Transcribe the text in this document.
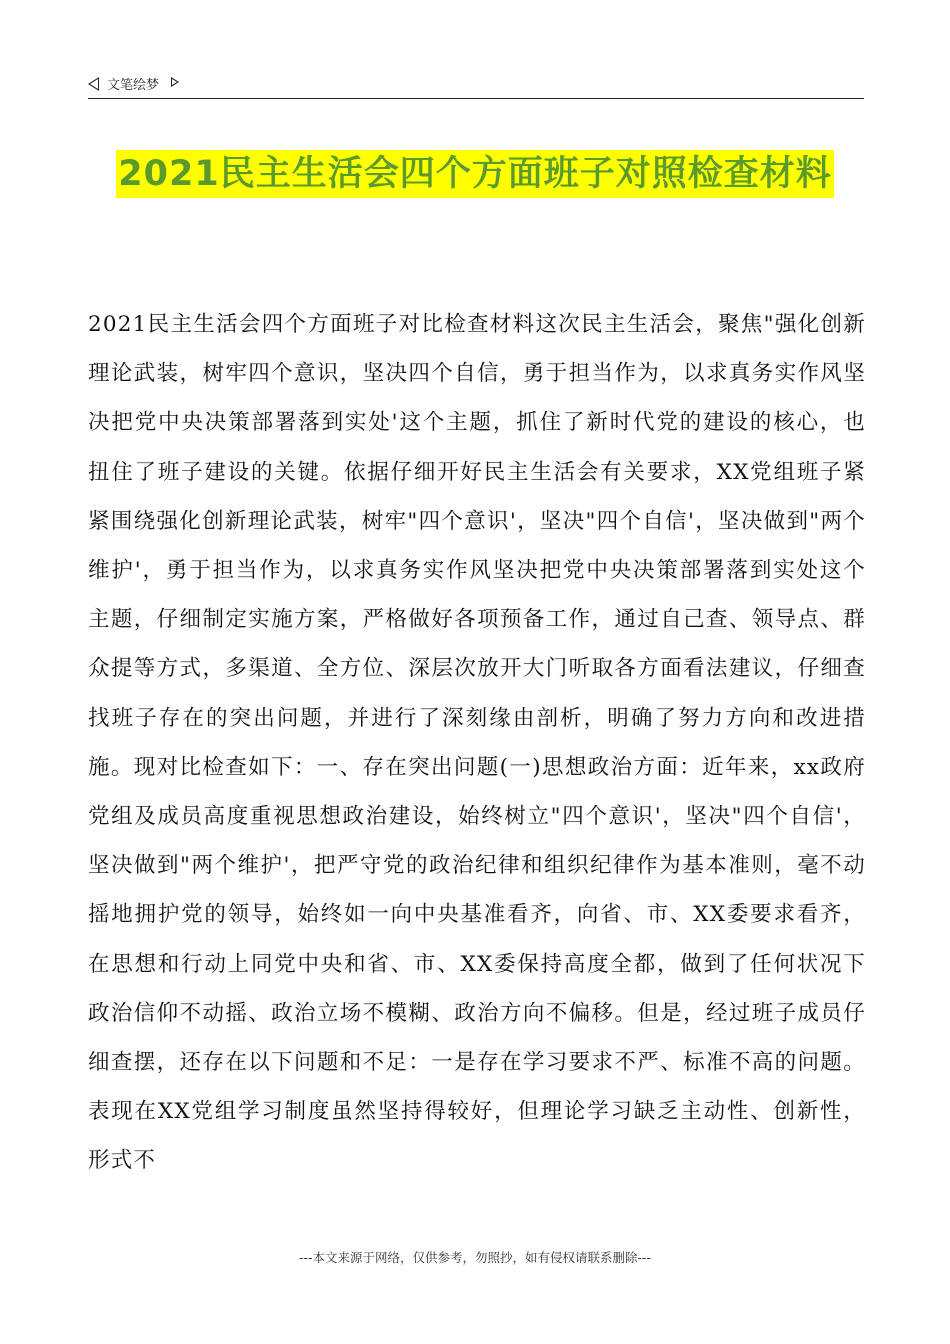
文笔绘梦
2021民主生活会四个方面班子对照检查材料
2021民主生活会四个方面班子对比检查材料这次民主生活会，聚焦"强化创新理论武装，树牢四个意识，坚决四个自信，勇于担当作为，以求真务实作风坚决把党中央决策部署落到实处'这个主题，抓住了新时代党的建设的核心，也扭住了班子建设的关键。依据仔细开好民主生活会有关要求，XX党组班子紧紧围绕强化创新理论武装，树牢"四个意识'，坚决"四个自信'，坚决做到"两个维护'，勇于担当作为，以求真务实作风坚决把党中央决策部署落到实处这个主题，仔细制定实施方案，严格做好各项预备工作，通过自己查、领导点、群众提等方式，多渠道、全方位、深层次放开大门听取各方面看法建议，仔细查找班子存在的突出问题，并进行了深刻缘由剖析，明确了努力方向和改进措施。现对比检查如下：一、存在突出问题(一)思想政治方面：近年来，xx政府党组及成员高度重视思想政治建设，始终树立"四个意识'，坚决"四个自信'，坚决做到"两个维护'，把严守党的政治纪律和组织纪律作为基本准则，毫不动摇地拥护党的领导，始终如一向中央基准看齐，向省、市、XX委要求看齐，在思想和行动上同党中央和省、市、XX委保持高度全都，做到了任何状况下政治信仰不动摇、政治立场不模糊、政治方向不偏移。但是，经过班子成员仔细查摆，还存在以下问题和不足：一是存在学习要求不严、标准不高的问题。表现在XX党组学习制度虽然坚持得较好，但理论学习缺乏主动性、创新性，形式不
---本文来源于网络，仅供参考，勿照抄，如有侵权请联系删除---
